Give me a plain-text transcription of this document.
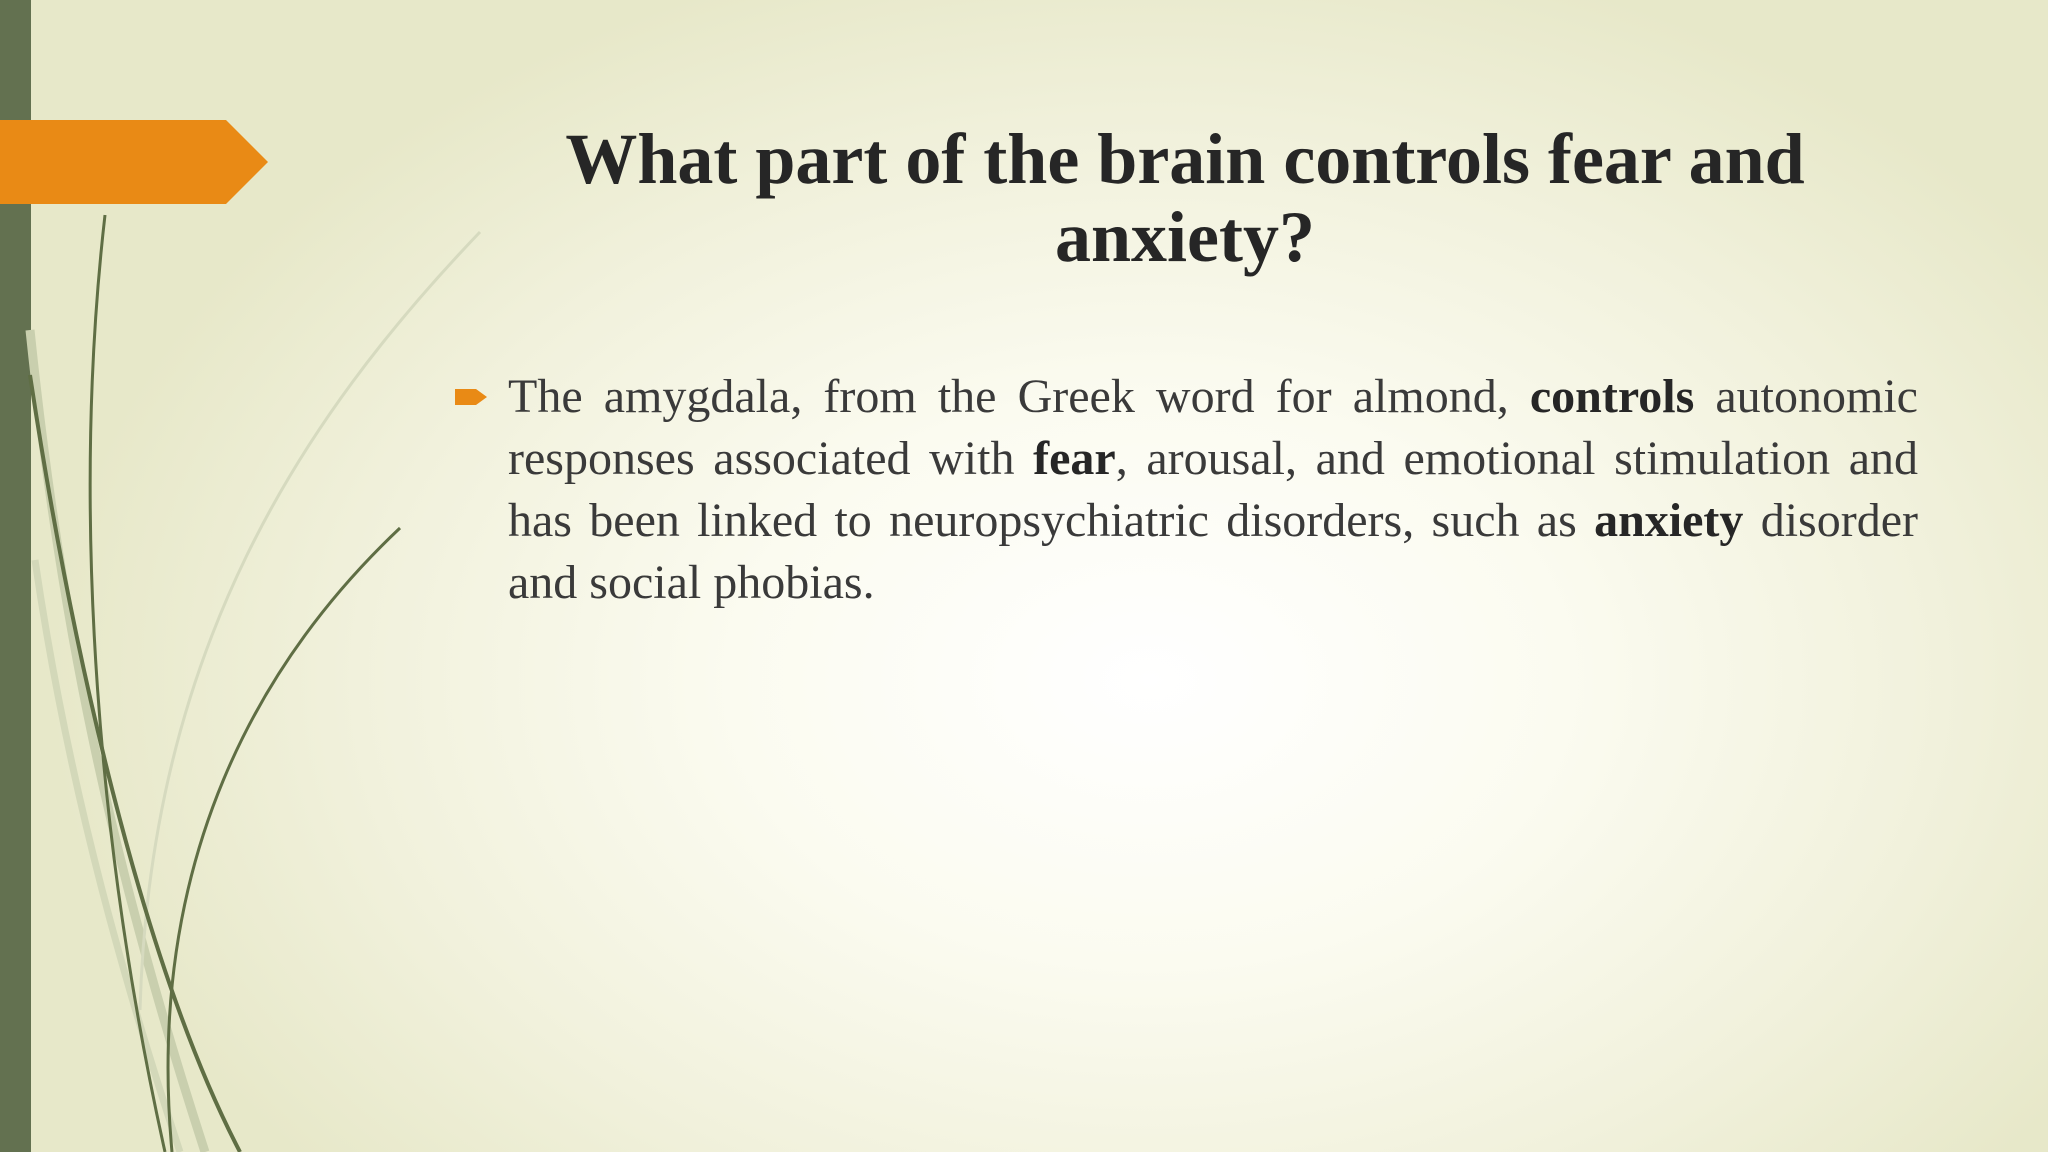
What part of the brain controls fear and anxiety?

The amygdala, from the Greek word for almond, controls autonomic responses associated with fear, arousal, and emotional stimulation and has been linked to neuropsychiatric disorders, such as anxiety disorder and social phobias.
